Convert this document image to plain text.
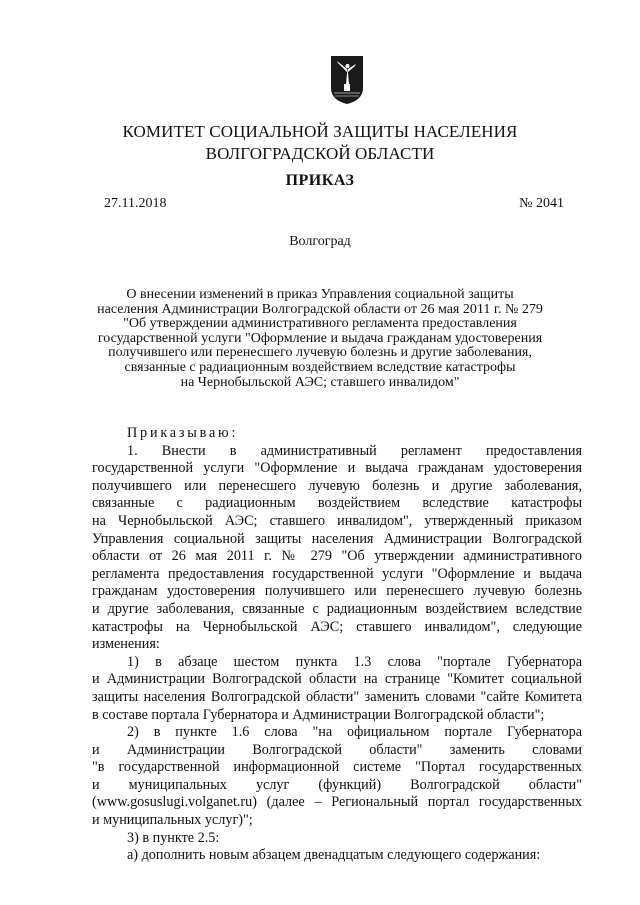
КОМИТЕТ СОЦИАЛЬНОЙ ЗАЩИТЫ НАСЕЛЕНИЯ
ВОЛГОГРАДСКОЙ ОБЛАСТИ
ПРИКАЗ
27.11.2018	№ 2041
Волгоград
О внесении изменений в приказ Управления социальной защиты
населения Администрации Волгоградской области от 26 мая 2011 г. № 279
"Об утверждении административного регламента предоставления
государственной услуги "Оформление и выдача гражданам удостоверения
получившего или перенесшего лучевую болезнь и другие заболевания,
связанные с радиационным воздействием вследствие катастрофы
на Чернобыльской АЭС; ставшего инвалидом"
Приказываю:
1. Внести в административный регламент предоставления
государственной услуги "Оформление и выдача гражданам удостоверения
получившего или перенесшего лучевую болезнь и другие заболевания,
связанные с радиационным воздействием вследствие катастрофы
на Чернобыльской АЭС; ставшего инвалидом", утвержденный приказом
Управления социальной защиты населения Администрации Волгоградской
области от 26 мая 2011 г. № 279 "Об утверждении административного
регламента предоставления государственной услуги "Оформление и выдача
гражданам удостоверения получившего или перенесшего лучевую болезнь
и другие заболевания, связанные с радиационным воздействием вследствие
катастрофы на Чернобыльской АЭС; ставшего инвалидом", следующие
изменения:
1) в абзаце шестом пункта 1.3 слова "портале Губернатора
и Администрации Волгоградской области на странице "Комитет социальной
защиты населения Волгоградской области" заменить словами "сайте Комитета
в составе портала Губернатора и Администрации Волгоградской области";
2) в пункте 1.6 слова "на официальном портале Губернатора
и Администрации Волгоградской области" заменить словами
"в государственной информационной системе "Портал государственных
и муниципальных услуг (функций) Волгоградской области"
(www.gosuslugi.volganet.ru) (далее – Региональный портал государственных
и муниципальных услуг)";
3) в пункте 2.5:
а) дополнить новым абзацем двенадцатым следующего содержания:
